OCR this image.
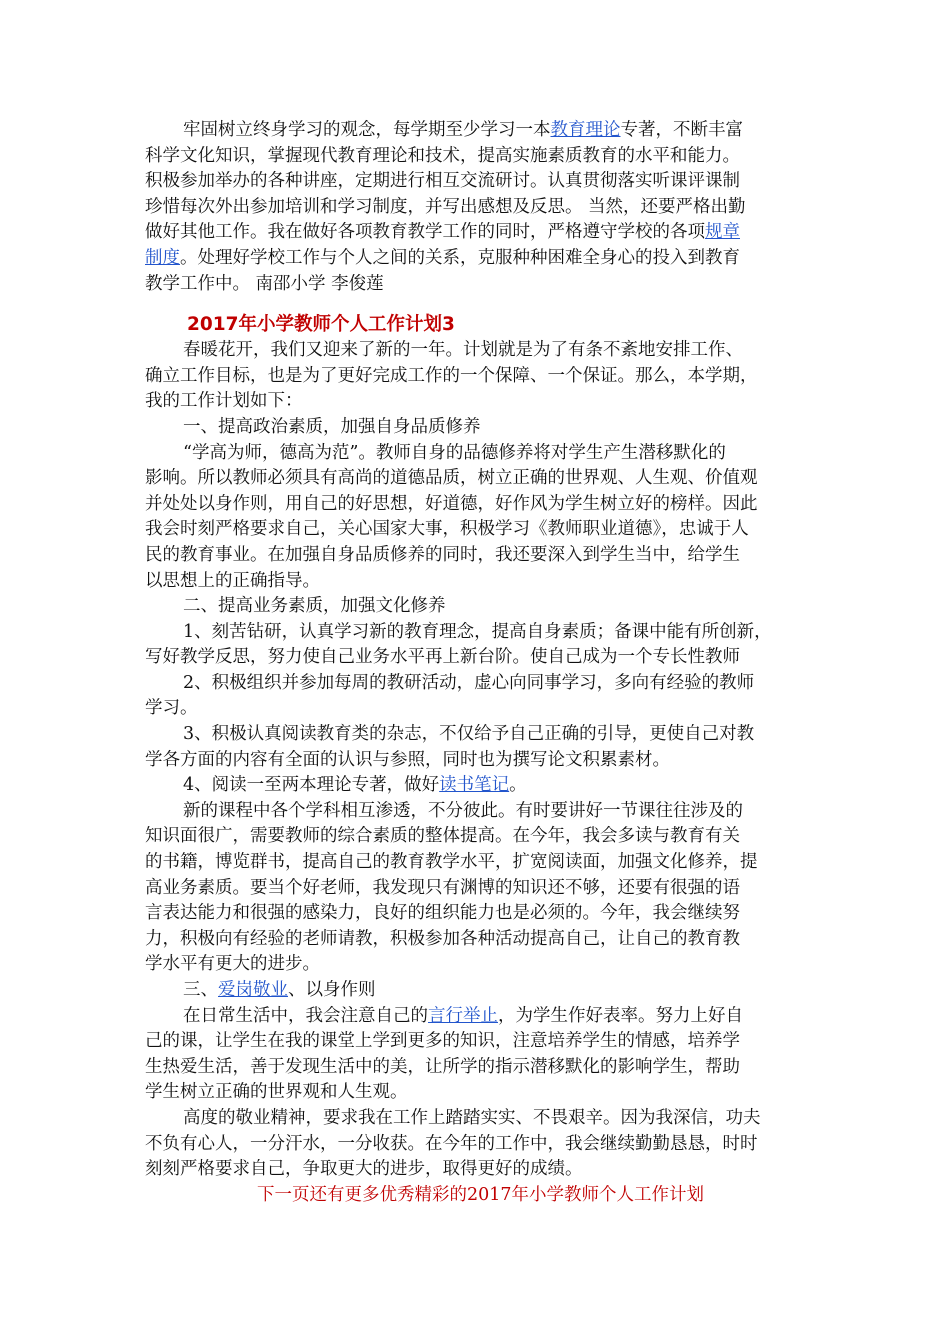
牢固树立终身学习的观念，每学期至少学习一本教育理论专著，不断丰富
科学文化知识，掌握现代教育理论和技术，提高实施素质教育的水平和能力。
积极参加举办的各种讲座，定期进行相互交流研讨。认真贯彻落实听课评课制
珍惜每次外出参加培训和学习制度，并写出感想及反思。 当然，还要严格出勤
做好其他工作。我在做好各项教育教学工作的同时，严格遵守学校的各项规章
制度。处理好学校工作与个人之间的关系，克服种种困难全身心的投入到教育
教学工作中。 南邵小学 李俊莲
2017年小学教师个人工作计划3
春暖花开，我们又迎来了新的一年。计划就是为了有条不紊地安排工作、
确立工作目标，也是为了更好完成工作的一个保障、一个保证。那么，本学期，
我的工作计划如下：
一、提高政治素质，加强自身品质修养
“学高为师，德高为范”。教师自身的品德修养将对学生产生潜移默化的
影响。所以教师必须具有高尚的道德品质，树立正确的世界观、人生观、价值观
并处处以身作则，用自己的好思想，好道德，好作风为学生树立好的榜样。因此
我会时刻严格要求自己，关心国家大事，积极学习《教师职业道德》，忠诚于人
民的教育事业。在加强自身品质修养的同时，我还要深入到学生当中，给学生
以思想上的正确指导。
二、提高业务素质，加强文化修养
1、刻苦钻研，认真学习新的教育理念，提高自身素质；备课中能有所创新，
写好教学反思，努力使自己业务水平再上新台阶。使自己成为一个专长性教师
2、积极组织并参加每周的教研活动，虚心向同事学习，多向有经验的教师
学习。
3、积极认真阅读教育类的杂志，不仅给予自己正确的引导，更使自己对教
学各方面的内容有全面的认识与参照，同时也为撰写论文积累素材。
4、阅读一至两本理论专著，做好读书笔记。
新的课程中各个学科相互渗透，不分彼此。有时要讲好一节课往往涉及的
知识面很广，需要教师的综合素质的整体提高。在今年，我会多读与教育有关
的书籍，博览群书，提高自己的教育教学水平，扩宽阅读面，加强文化修养，提
高业务素质。要当个好老师，我发现只有渊博的知识还不够，还要有很强的语
言表达能力和很强的感染力，良好的组织能力也是必须的。今年，我会继续努
力，积极向有经验的老师请教，积极参加各种活动提高自己，让自己的教育教
学水平有更大的进步。
三、爱岗敬业、以身作则
在日常生活中，我会注意自己的言行举止，为学生作好表率。努力上好自
己的课，让学生在我的课堂上学到更多的知识，注意培养学生的情感，培养学
生热爱生活，善于发现生活中的美，让所学的指示潜移默化的影响学生，帮助
学生树立正确的世界观和人生观。
高度的敬业精神，要求我在工作上踏踏实实、不畏艰辛。因为我深信，功夫
不负有心人，一分汗水，一分收获。在今年的工作中，我会继续勤勤恳恳，时时
刻刻严格要求自己，争取更大的进步，取得更好的成绩。
下一页还有更多优秀精彩的2017年小学教师个人工作计划
